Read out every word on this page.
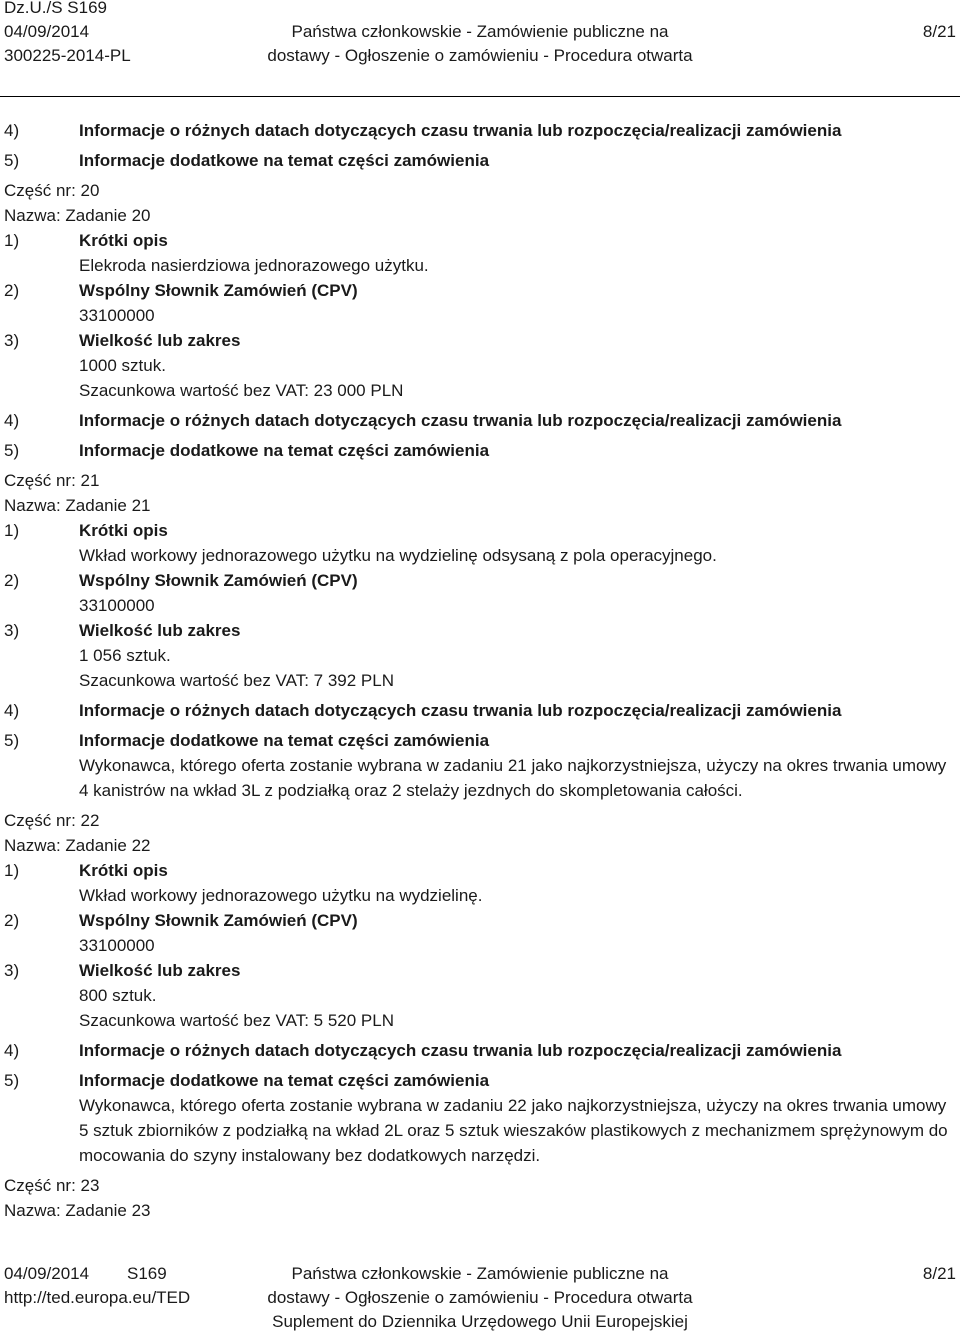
Dz.U./S S169
04/09/2014
300225-2014-PL
Państwa członkowskie - Zamówienie publiczne na
dostawy - Ogłoszenie o zamówieniu - Procedura otwarta
8/21
4)	Informacje o różnych datach dotyczących czasu trwania lub rozpoczęcia/realizacji zamówienia
5)	Informacje dodatkowe na temat części zamówienia
Część nr: 20
Nazwa: Zadanie 20
1)	Krótki opis
Elekroda nasierdziowa jednorazowego użytku.
2)	Wspólny Słownik Zamówień (CPV)
33100000
3)	Wielkość lub zakres
1000 sztuk.
Szacunkowa wartość bez VAT: 23 000 PLN
4)	Informacje o różnych datach dotyczących czasu trwania lub rozpoczęcia/realizacji zamówienia
5)	Informacje dodatkowe na temat części zamówienia
Część nr: 21
Nazwa: Zadanie 21
1)	Krótki opis
Wkład workowy jednorazowego użytku na wydzielinę odsysaną z pola operacyjnego.
2)	Wspólny Słownik Zamówień (CPV)
33100000
3)	Wielkość lub zakres
1 056 sztuk.
Szacunkowa wartość bez VAT: 7 392 PLN
4)	Informacje o różnych datach dotyczących czasu trwania lub rozpoczęcia/realizacji zamówienia
5)	Informacje dodatkowe na temat części zamówienia
Wykonawca, którego oferta zostanie wybrana w zadaniu 21 jako najkorzystniejsza, użyczy na okres trwania umowy 4 kanistrów na wkład 3L z podziałką oraz 2 stelaży jezdnych do skompletowania całości.
Część nr: 22
Nazwa: Zadanie 22
1)	Krótki opis
Wkład workowy jednorazowego użytku na wydzielinę.
2)	Wspólny Słownik Zamówień (CPV)
33100000
3)	Wielkość lub zakres
800 sztuk.
Szacunkowa wartość bez VAT: 5 520 PLN
4)	Informacje o różnych datach dotyczących czasu trwania lub rozpoczęcia/realizacji zamówienia
5)	Informacje dodatkowe na temat części zamówienia
Wykonawca, którego oferta zostanie wybrana w zadaniu 22 jako najkorzystniejsza, użyczy na okres trwania umowy 5 sztuk zbiorników z podziałką na wkład 2L oraz 5 sztuk wieszaków plastikowych z mechanizmem sprężynowym do mocowania do szyny instalowany bez dodatkowych narzędzi.
Część nr: 23
Nazwa: Zadanie 23
04/09/2014 S169
http://ted.europa.eu/TED
Państwa członkowskie - Zamówienie publiczne na
dostawy - Ogłoszenie o zamówieniu - Procedura otwarta
Suplement do Dziennika Urzędowego Unii Europejskiej
8/21
